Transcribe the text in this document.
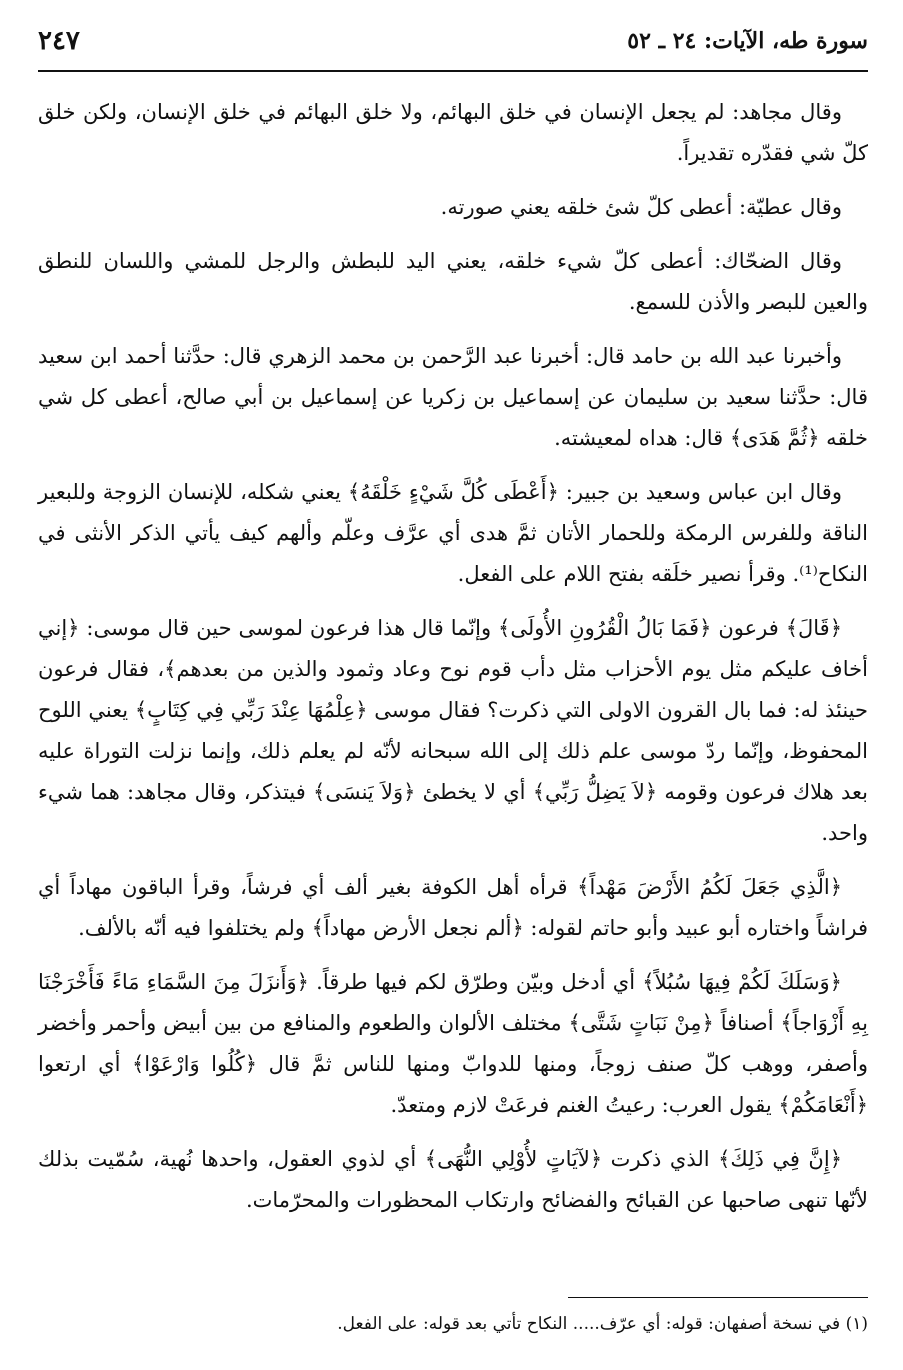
سورة طه، الآيات: ٢٤ ـ ٥٢
٢٤٧

وقال مجاهد: لم يجعل الإنسان في خلق البهائم، ولا خلق البهائم في خلق الإنسان، ولكن خلق كلّ شي فقدّره تقديراً.

وقال عطيّة: أعطى كلّ شئ خلقه يعني صورته.

وقال الضحّاك: أعطى كلّ شيء خلقه، يعني اليد للبطش والرجل للمشي واللسان للنطق والعين للبصر والأذن للسمع.

وأخبرنا عبد الله بن حامد قال: أخبرنا عبد الرَّحمن بن محمد الزهري قال: حدَّثنا أحمد ابن سعيد قال: حدَّثنا سعيد بن سليمان عن إسماعيل بن زكريا عن إسماعيل بن أبي صالح، أعطى كل شي خلقه ﴿ثُمَّ هَدَى﴾ قال: هداه لمعيشته.

وقال ابن عباس وسعيد بن جبير: ﴿أَعْطَى كُلَّ شَيْءٍ خَلْقَهُ﴾ يعني شكله، للإنسان الزوجة وللبعير الناقة وللفرس الرمكة وللحمار الأتان ثمَّ هدى أي عرَّف وعلّم وألهم كيف يأتي الذكر الأنثى في النكاح⁽¹⁾. وقرأ نصير خلَقه بفتح اللام على الفعل.

﴿قَالَ﴾ فرعون ﴿فَمَا بَالُ الْقُرُونِ الأُولَى﴾ وإنّما قال هذا فرعون لموسى حين قال موسى: ﴿إني أخاف عليكم مثل يوم الأحزاب مثل دأب قوم نوح وعاد وثمود والذين من بعدهم﴾، فقال فرعون حينئذ له: فما بال القرون الاولى التي ذكرت؟ فقال موسى ﴿عِلْمُهَا عِنْدَ رَبِّي فِي كِتَابٍ﴾ يعني اللوح المحفوظ، وإنّما ردّ موسى علم ذلك إلى الله سبحانه لأنّه لم يعلم ذلك، وإنما نزلت التوراة عليه بعد هلاك فرعون وقومه ﴿لاَ يَضِلُّ رَبِّي﴾ أي لا يخطئ ﴿وَلاَ يَنسَى﴾ فيتذكر، وقال مجاهد: هما شيء واحد.

﴿الَّذِي جَعَلَ لَكُمُ الأَرْضَ مَهْداً﴾ قرأه أهل الكوفة بغير ألف أي فرشاً، وقرأ الباقون مهاداً أي فراشاً واختاره أبو عبيد وأبو حاتم لقوله: ﴿ألم نجعل الأرض مهاداً﴾ ولم يختلفوا فيه أنّه بالألف.

﴿وَسَلَكَ لَكُمْ فِيهَا سُبُلاً﴾ أي أدخل وبيّن وطرّق لكم فيها طرقاً. ﴿وَأَنزَلَ مِنَ السَّمَاءِ مَاءً فَأَخْرَجْنَا بِهِ أَزْوَاجاً﴾ أصنافاً ﴿مِنْ نَبَاتٍ شَتَّى﴾ مختلف الألوان والطعوم والمنافع من بين أبيض وأحمر وأخضر وأصفر، ووهب كلّ صنف زوجاً، ومنها للدوابّ ومنها للناس ثمَّ قال ﴿كُلُوا وَارْعَوْا﴾ أي ارتعوا ﴿أَنْعَامَكُمْ﴾ يقول العرب: رعيتُ الغنم فرعَتْ لازم ومتعدّ.

﴿إِنَّ فِي ذَلِكَ﴾ الذي ذكرت ﴿لآيَاتٍ لأُوْلِي النُّهَى﴾ أي لذوي العقول، واحدها نُهية، سُمّيت بذلك لأنّها تنهى صاحبها عن القبائح والفضائح وارتكاب المحظورات والمحرّمات.

(١) في نسخة أصفهان: قوله: أي عرّف..... النكاح تأتي بعد قوله: على الفعل.
